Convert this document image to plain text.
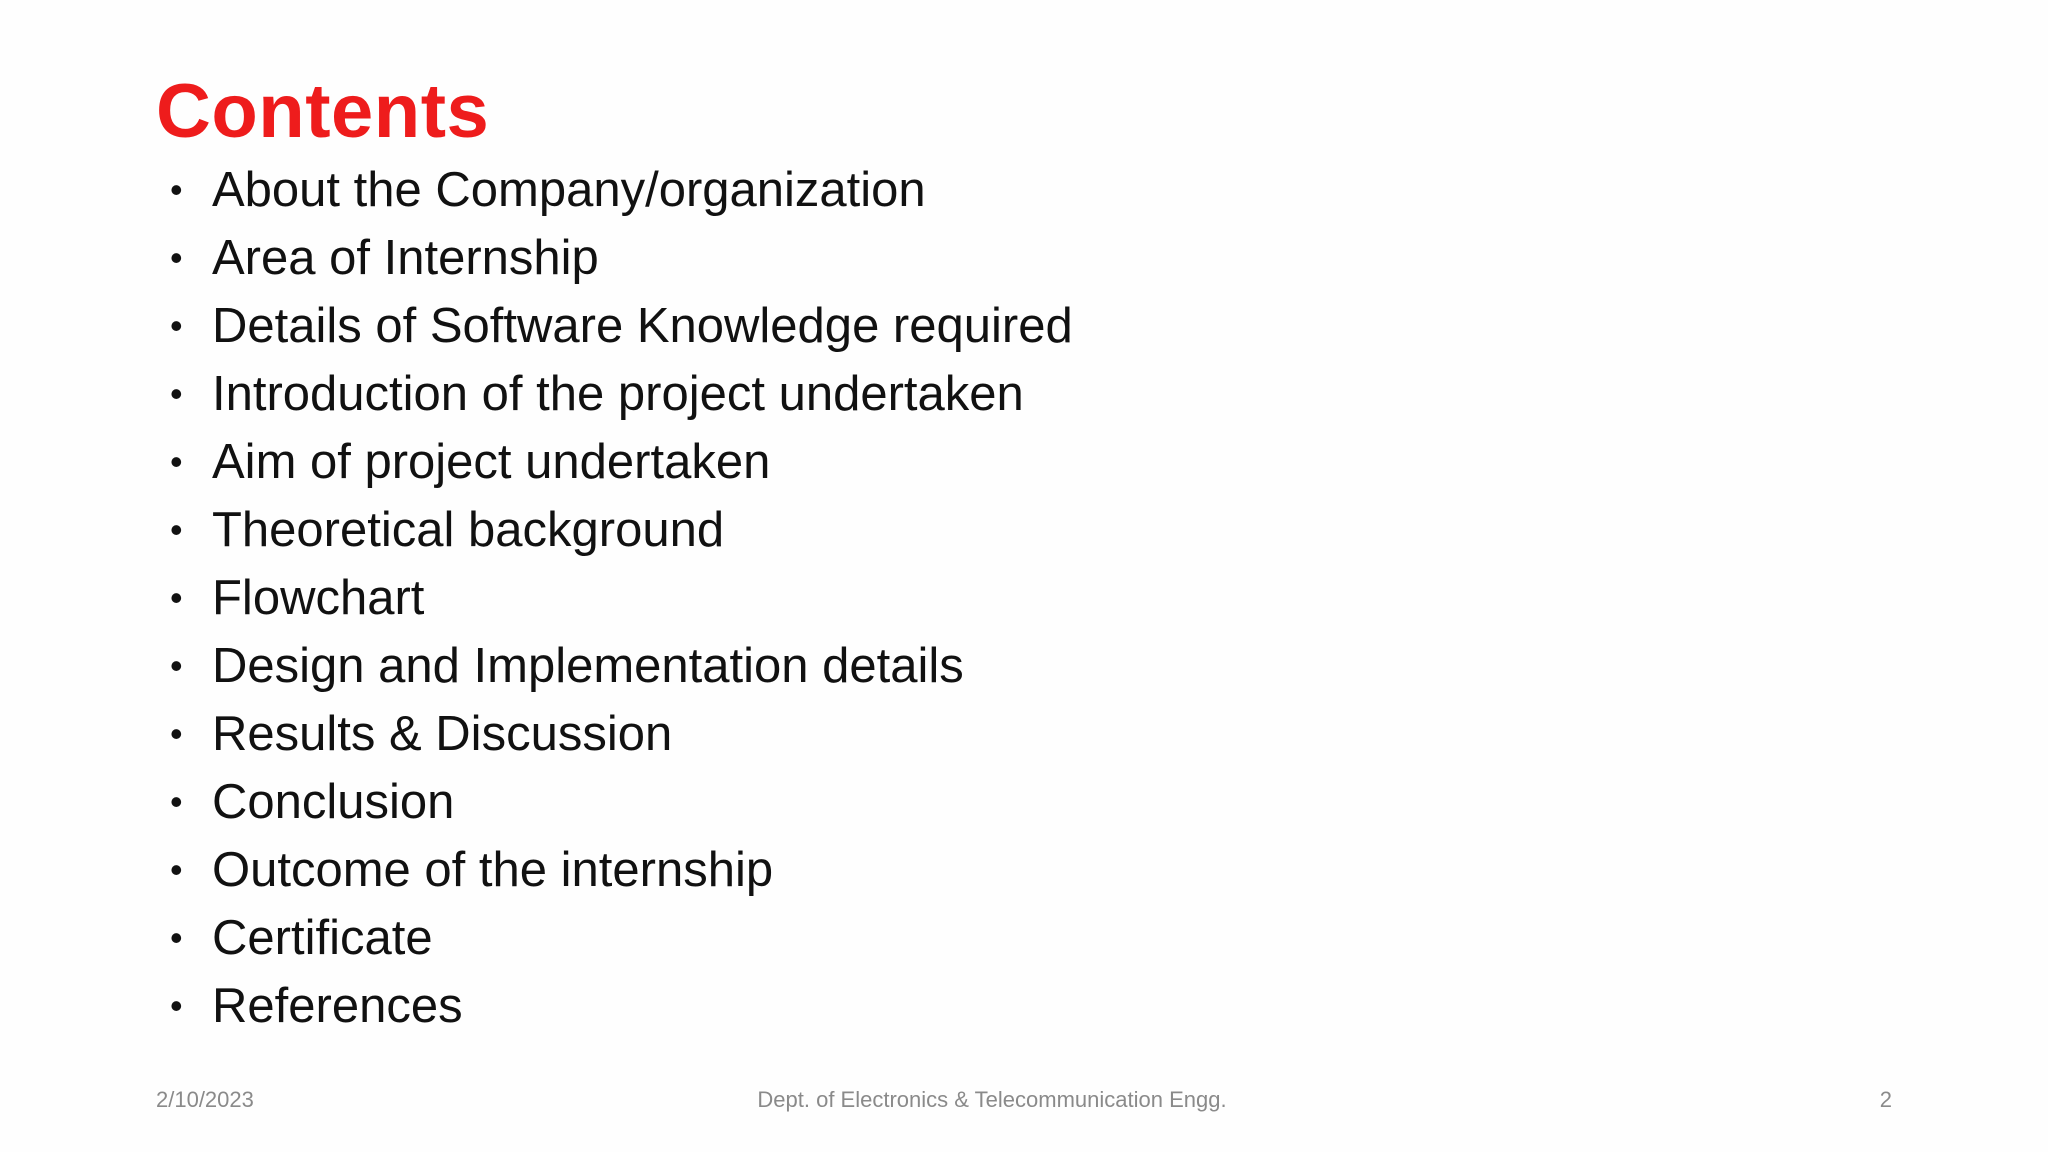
Contents
• About the Company/organization
• Area of Internship
• Details of Software Knowledge required
• Introduction of the project undertaken
• Aim of project undertaken
• Theoretical background
• Flowchart
• Design and Implementation details
• Results & Discussion
• Conclusion
• Outcome of the internship
• Certificate
• References
2/10/2023	Dept. of Electronics & Telecommunication Engg.	2
